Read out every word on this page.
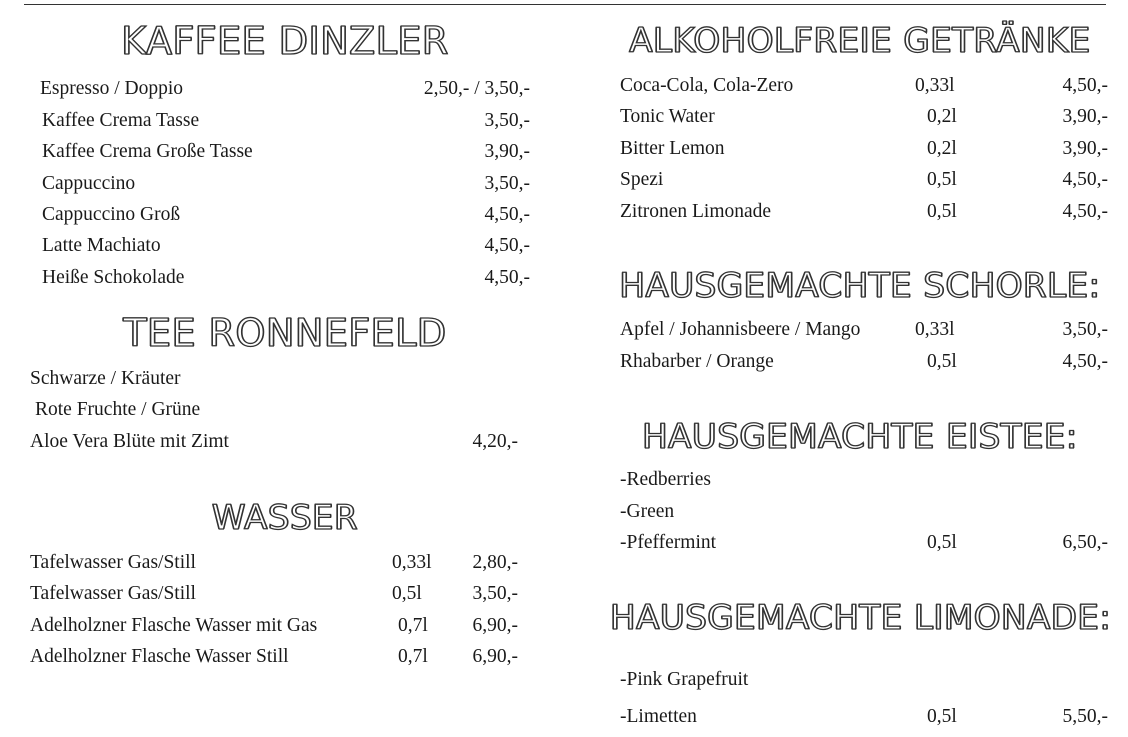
KAFFEE DINZLER
Espresso / Doppio	2,50,- / 3,50,-
Kaffee Crema Tasse	3,50,-
Kaffee Crema Große Tasse	3,90,-
Cappuccino	3,50,-
Cappuccino Groß	4,50,-
Latte Machiato	4,50,-
Heiße Schokolade	4,50,-
TEE RONNEFELD
Schwarze / Kräuter
Rote Fruchte / Grüne
Aloe Vera Blüte mit Zimt	4,20,-
WASSER
Tafelwasser Gas/Still	0,33l	2,80,-
Tafelwasser Gas/Still	0,5l	3,50,-
Adelholzner Flasche Wasser mit Gas	0,7l	6,90,-
Adelholzner Flasche Wasser Still	0,7l	6,90,-
ALKOHOLFREIE GETRÄNKE
Coca-Cola, Cola-Zero	0,33l	4,50,-
Tonic Water	0,2l	3,90,-
Bitter Lemon	0,2l	3,90,-
Spezi	0,5l	4,50,-
Zitronen Limonade	0,5l	4,50,-
HAUSGEMACHTE SCHORLE:
Apfel / Johannisbeere / Mango	0,33l	3,50,-
Rhabarber / Orange	0,5l	4,50,-
HAUSGEMACHTE EISTEE:
-Redberries
-Green
-Pfeffermint	0,5l	6,50,-
HAUSGEMACHTE LIMONADE:
-Pink Grapefruit
-Limetten	0,5l	5,50,-
